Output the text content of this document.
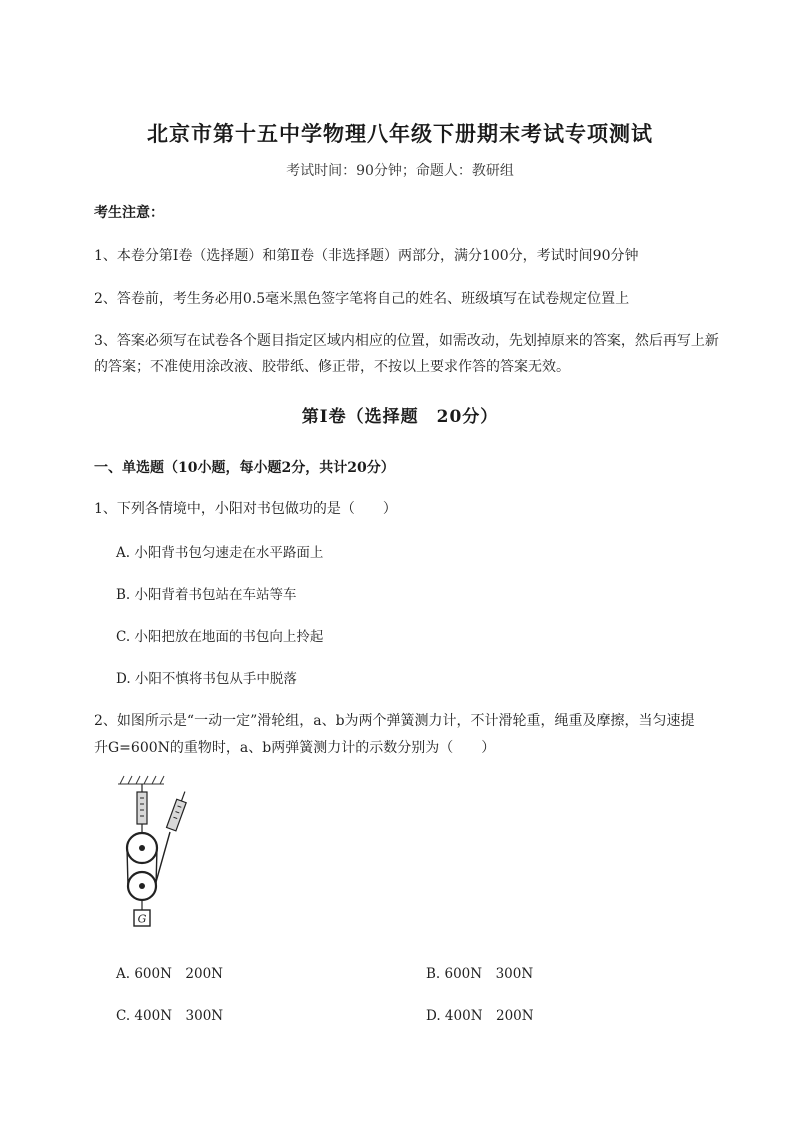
北京市第十五中学物理八年级下册期末考试专项测试
考试时间：90分钟；命题人：教研组
考生注意：
1、本卷分第I卷（选择题）和第Ⅱ卷（非选择题）两部分，满分100分，考试时间90分钟
2、答卷前，考生务必用0.5毫米黑色签字笔将自己的姓名、班级填写在试卷规定位置上
3、答案必须写在试卷各个题目指定区域内相应的位置，如需改动，先划掉原来的答案，然后再写上新
的答案；不准使用涂改液、胶带纸、修正带，不按以上要求作答的答案无效。
第I卷（选择题　20分）
一、单选题（10小题，每小题2分，共计20分）
1、下列各情境中，小阳对书包做功的是（　　）
A. 小阳背书包匀速走在水平路面上
B. 小阳背着书包站在车站等车
C. 小阳把放在地面的书包向上拎起
D. 小阳不慎将书包从手中脱落
2、如图所示是“一动一定”滑轮组，a、b为两个弹簧测力计，不计滑轮重，绳重及摩擦，当匀速提
升G=600N的重物时，a、b两弹簧测力计的示数分别为（　　）
G
A. 600N　200N	B. 600N　300N
C. 400N　300N	D. 400N　200N
